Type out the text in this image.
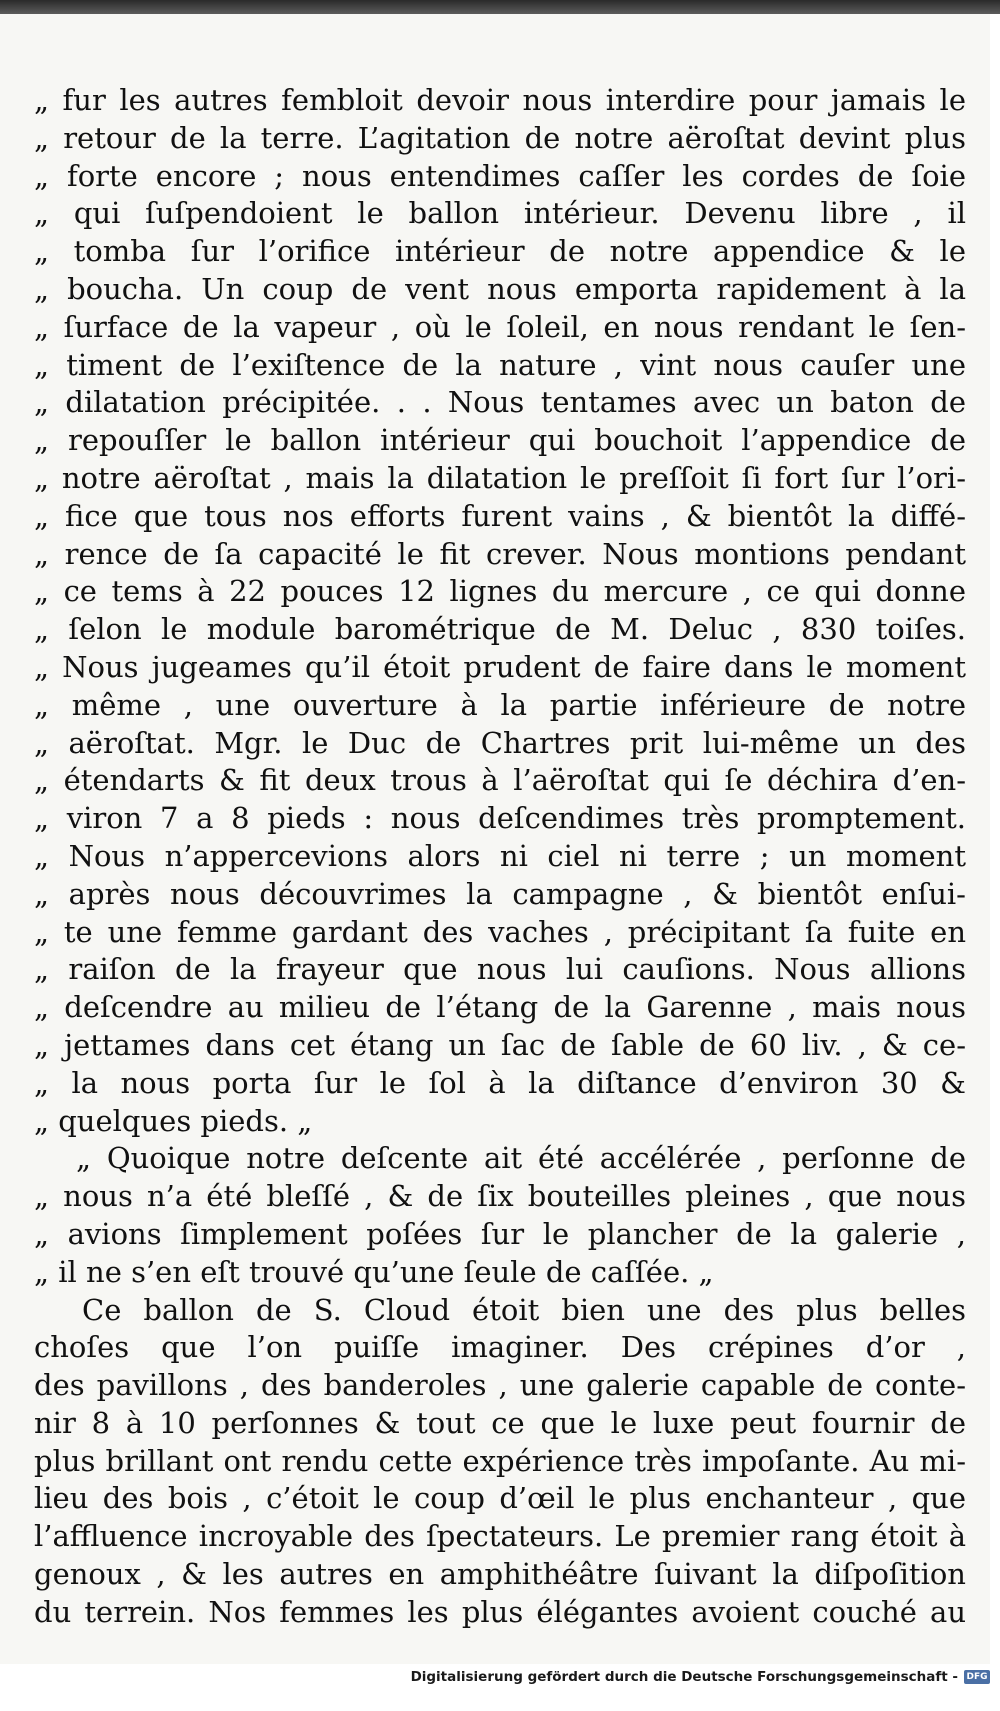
„ fur les autres fembloit devoir nous interdire pour jamais le
„ retour de la terre. L’agitation de notre aëroſtat devint plus
„ forte encore ; nous entendimes caſſer les cordes de ſoie
„ qui ſuſpendoient le ballon intérieur. Devenu libre , il
„ tomba ſur l’orifice intérieur de notre appendice & le
„ boucha. Un coup de vent nous emporta rapidement à la
„ ſurface de la vapeur , où le ſoleil, en nous rendant le ſen-
„ timent de l’exiſtence de la nature , vint nous cauſer une
„ dilatation précipitée. . . Nous tentames avec un baton de
„ repouſſer le ballon intérieur qui bouchoit l’appendice de
„ notre aëroſtat , mais la dilatation le preſſoit ſi fort ſur l’ori-
„ fice que tous nos efforts furent vains , & bientôt la diffé-
„ rence de ſa capacité le fit crever. Nous montions pendant
„ ce tems à 22 pouces 12 lignes du mercure , ce qui donne
„ ſelon le module barométrique de M. Deluc , 830 toiſes.
„ Nous jugeames qu’il étoit prudent de faire dans le moment
„ même , une ouverture à la partie inférieure de notre
„ aëroſtat. Mgr. le Duc de Chartres prit lui-même un des
„ étendarts & fit deux trous à l’aëroſtat qui ſe déchira d’en-
„ viron 7 a 8 pieds : nous deſcendimes très promptement.
„ Nous n’appercevions alors ni ciel ni terre ; un moment
„ après nous découvrimes la campagne , & bientôt enſui-
„ te une femme gardant des vaches , précipitant ſa fuite en
„ raiſon de la frayeur que nous lui cauſions. Nous allions
„ deſcendre au milieu de l’étang de la Garenne , mais nous
„ jettames dans cet étang un ſac de ſable de 60 liv. , & ce-
„ la nous porta ſur le ſol à la diſtance d’environ 30 &
„ quelques pieds. „
„ Quoique notre deſcente ait été accélérée , perſonne de
„ nous n’a été bleſſé , & de ſix bouteilles pleines , que nous
„ avions ſimplement poſées ſur le plancher de la galerie ,
„ il ne s’en eſt trouvé qu’une ſeule de caſſée. „
Ce ballon de S. Cloud étoit bien une des plus belles
choſes que l’on puiſſe imaginer. Des crépines d’or ,
des pavillons , des banderoles , une galerie capable de conte-
nir 8 à 10 perſonnes & tout ce que le luxe peut fournir de
plus brillant ont rendu cette expérience très impoſante. Au mi-
lieu des bois , c’étoit le coup d’œil le plus enchanteur , que
l’affluence incroyable des ſpectateurs. Le premier rang étoit à
genoux , & les autres en amphithéâtre ſuivant la diſpoſition
du terrein. Nos femmes les plus élégantes avoient couché au
Digitalisierung gefördert durch die Deutsche Forschungsgemeinschaft - DFG
